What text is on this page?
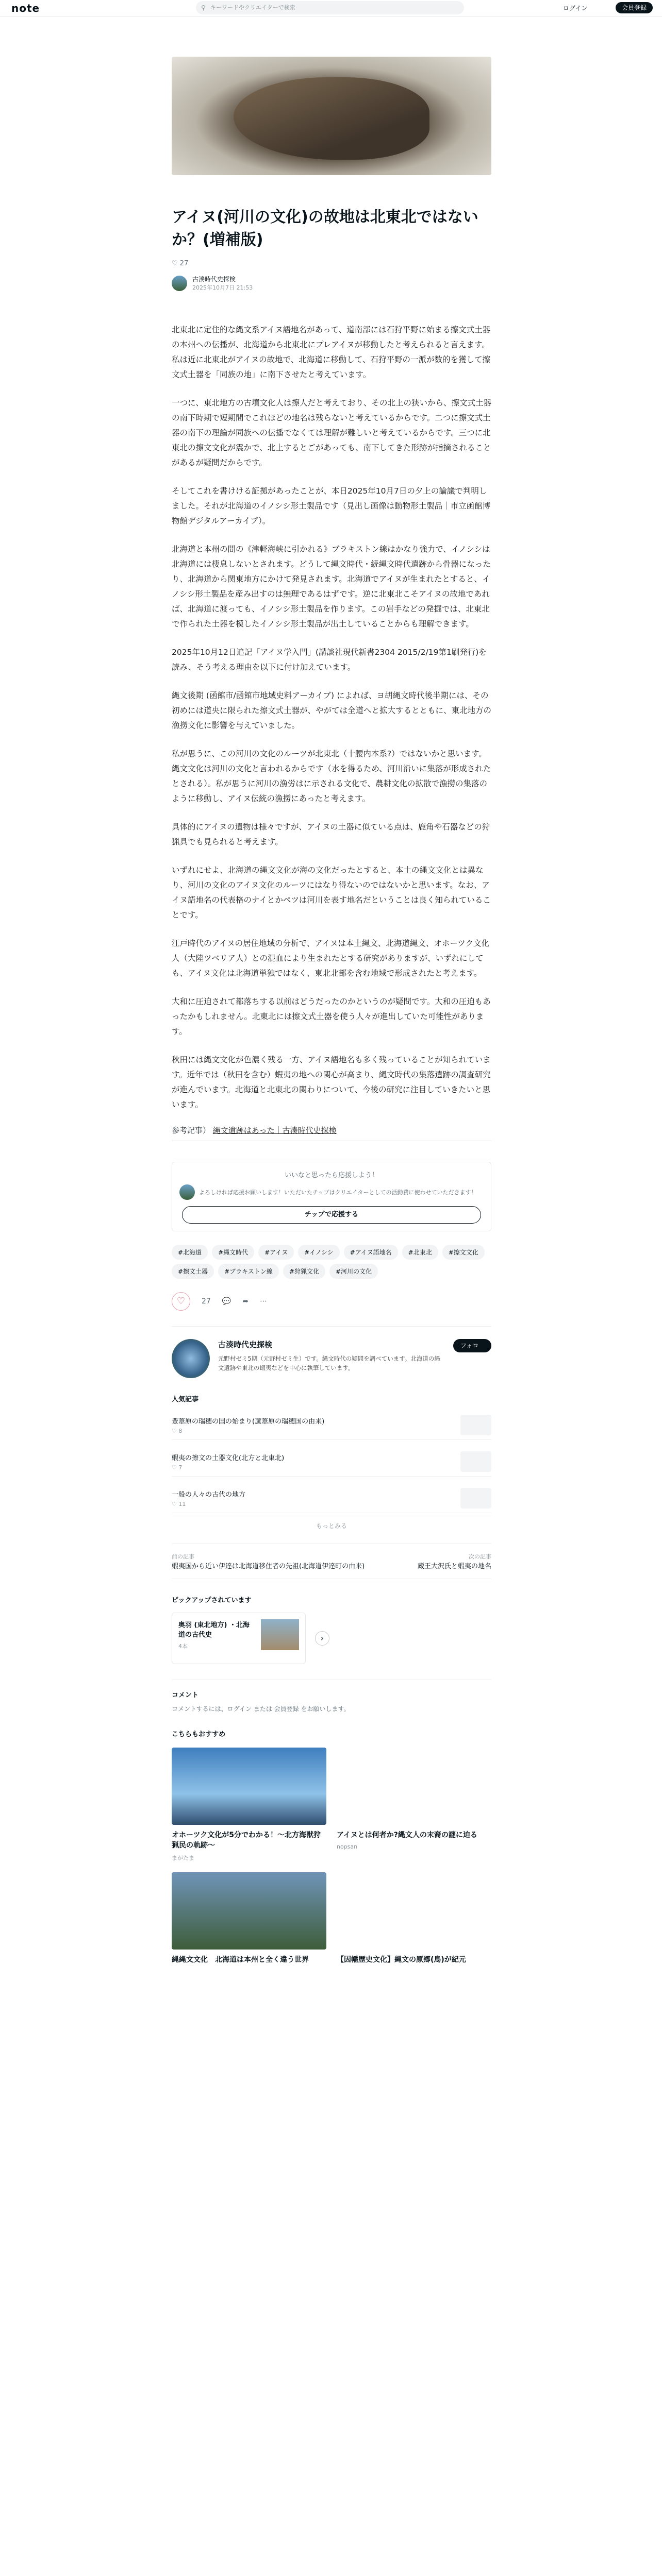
note	⚲ キーワードやクリエイターで検索	ログイン	会員登録
アイヌ(河川の文化)の故地は北東北ではないか？(増補版)
♡ 27
古湊時代史探検
2025年10月7日 21:53

北東北に定住的な縄文系アイヌ語地名があって、道南部には石狩平野に始まる擦文式土器の本州への伝播が、北海道から北東北にプレアイヌが移動したと考えられると言えます。私は近に北東北がアイヌの故地で、北海道に移動して、石狩平野の一派が数的を獲して擦文式土器を「同族の地」に南下させたと考えています。

一つに、東北地方の古墳文化人は擦人だと考えており、その北上の狭いから、擦文式土器の南下時期で短期間でこれほどの地名は残らないと考えているからです。二つに擦文式土器の南下の理論が同族への伝播でなくては理解が難しいと考えているからです。三つに北東北の擦文文化が震かで、北上するとごがあっても、南下してきた形跡が指摘されることがあるが疑問だからです。

そしてこれを書けける証拠があったことが、本日2025年10月7日の夕上の論議で判明しました。それが北海道のイノシシ形土製品です（見出し画像は動物形土製品｜市立函館博物館デジタルアーカイブ）。

北海道と本州の間の《津軽海峡に引かれる》ブラキストン線はかなり強力で、イノシシは北海道には棲息しないとされます。どうして縄文時代・続縄文時代遺跡から骨器になったり、北海道から関東地方にかけて発見されます。北海道でアイヌが生まれたとすると、イノシシ形土製品を産み出すのは無理であるはずです。逆に北東北こそアイヌの故地であれば、北海道に渡っても、イノシシ形土製品を作ります。この岩手などの発掘では、北東北で作られた土器を模したイノシシ形土製品が出土していることからも理解できます。

2025年10月12日追記「アイヌ学入門」(講談社現代新書2304 2015/2/19第1刷発行)を読み、そう考える理由を以下に付け加えています。

縄文後期 (函館市/函館市地域史料アーカイブ) によれば、ヨ胡縄文時代後半期には、その初めには道央に限られた擦文式土器が、やがては全道へと拡大するとともに、東北地方の漁撈文化に影響を与えていました。

私が思うに、この河川の文化のルーツが北東北（十腰内本系?）ではないかと思います。縄文文化は河川の文化と言われるからです（水を得るため、河川沿いに集落が形成されたとされる）。私が思うに河川の漁労はに示される文化で、農耕文化の拡散で漁撈の集落のように移動し、アイヌ伝統の漁撈にあったと考えます。

具体的にアイヌの遺物は様々ですが、アイヌの土器に似ている点は、鹿角や石器などの狩猟具でも見られると考えます。

いずれにせよ、北海道の縄文文化が海の文化だったとすると、本土の縄文文化とは異なり、河川の文化のアイヌ文化のルーツにはなり得ないのではないかと思います。なお、アイヌ語地名の代表格のナイとかペツは河川を表す地名だということは良く知られていることです。

江戸時代のアイヌの居住地域の分析で、アイヌは本土縄文、北海道縄文、オホーツク文化人（大陸ツベリア人）との混血により生まれたとする研究がありますが、いずれにしても、アイヌ文化は北海道単独ではなく、東北北部を含む地域で形成されたと考えます。

大和に圧迫されて都落ちする以前はどうだったのかというのが疑問です。大和の圧迫もあったかもしれません。北東北には擦文式土器を使う人々が進出していた可能性があります。

秋田には縄文文化が色濃く残る一方、アイヌ語地名も多く残っていることが知られています。近年では（秋田を含む）蝦夷の地への関心が高まり、縄文時代の集落遺跡の調査研究が進んでいます。北海道と北東北の関わりについて、今後の研究に注目していきたいと思います。

参考記事） 縄文遺跡はあった｜古湊時代史探検
いいなと思ったら応援しよう！
よろしければ応援お願いします！いただいたチップはクリエイターとしての活動費に使わせていただきます！
チップで応援する
#北海道	#縄文時代	#アイヌ	#イノシシ	#アイヌ語地名	#北東北	#擦文文化
#擦文土器	#ブラキストン線	#狩猟文化	#河川の文化
♡	27 💬 ➦ ⋯
古湊時代史探検
元野村ゼミ5期（元野村ゼミ生）です。縄文時代の疑問を調べています。北海道の縄文遺跡や東北の蝦夷などを中心に執筆しています。
フォロー
人気記事
豊葦原の瑞穂の国の始まり(蘆葦原の瑞穂国の由来)
♡ 8
蝦夷の擦文の土器文化(北方と北東北)
♡ 7
一般の人々の古代の地方
♡ 11
もっとみる
前の記事
蝦夷国から近い伊達は北海道移住者の先祖(北海道伊達町の由来)
次の記事
蔵王大沢氏と蝦夷の地名
ピックアップされています
奥羽 (東北地方) ・北海道の古代史
4本
›
コメント
コメントするには、ログイン または 会員登録 をお願いします。
こちらもおすすめ
オホーツク文化が5分でわかる！〜北方海獣狩猟民の軌跡〜
まがたま
アイヌとは何者か?縄文人の末裔の謎に迫る
nopsan
縄縄文文化　北海道は本州と全く違う世界	【因幡歴史文化】縄文の原郷(鳥)が紀元
